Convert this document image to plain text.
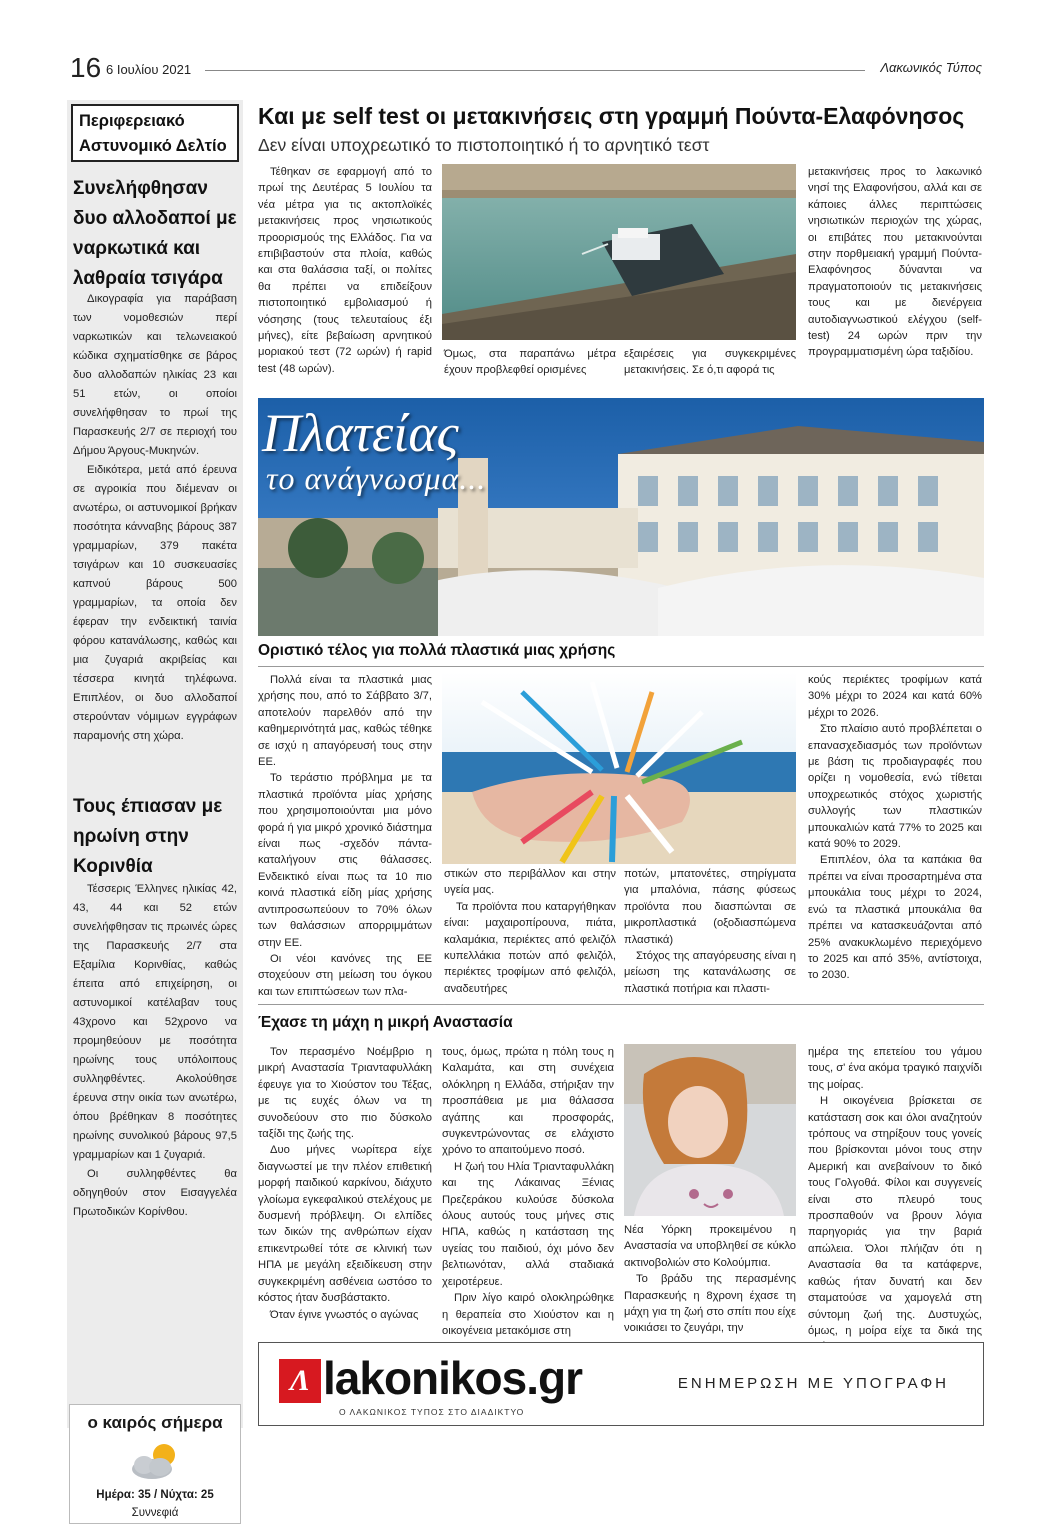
16 6 Ιουλίου 2021	Λακωνικός Τύπος
Περιφερειακό Αστυνομικό Δελτίο
Συνελήφθησαν δυο αλλοδαποί με ναρκωτικά και λαθραία τσιγάρα

Δικογραφία για παράβαση των νομοθεσιών περί ναρκωτικών και τελωνειακού κώδικα σχηματίσθηκε σε βάρος δυο αλλοδαπών ηλικίας 23 και 51 ετών, οι οποίοι συνελήφθησαν το πρωί της Παρασκευής 2/7 σε περιοχή του Δήμου Άργους-Μυκηνών.

Ειδικότερα, μετά από έρευνα σε αγροικία που διέμεναν οι ανωτέρω, οι αστυνομικοί βρήκαν ποσότητα κάνναβης βάρους 387 γραμμαρίων, 379 πακέτα τσιγάρων και 10 συσκευασίες καπνού βάρους 500 γραμμαρίων, τα οποία δεν έφεραν την ενδεικτική ταινία φόρου κατανάλωσης, καθώς και μια ζυγαριά ακριβείας και τέσσερα κινητά τηλέφωνα. Επιπλέον, οι δυο αλλοδαποί στερούνταν νόμιμων εγγράφων παραμονής στη χώρα.

Τους έπιασαν με ηρωίνη στην Κορινθία

Τέσσερις Έλληνες ηλικίας 42, 43, 44 και 52 ετών συνελήφθησαν τις πρωινές ώρες της Παρασκευής 2/7 στα Εξαμίλια Κορινθίας, καθώς έπειτα από επιχείρηση, οι αστυνομικοί κατέλαβαν τους 43χρονο και 52χρονο να προμηθεύουν με ποσότητα ηρωίνης τους υπόλοιπους συλληφθέντες. Ακολούθησε έρευνα στην οικία των ανωτέρω, όπου βρέθηκαν 8 ποσότητες ηρωίνης συνολικού βάρους 97,5 γραμμαρίων και 1 ζυγαριά.

Οι συλληφθέντες θα οδηγηθούν στον Εισαγγελέα Πρωτοδικών Κορίνθου.

ο καιρός σήμερα
Ημέρα: 35 / Νύχτα: 25
Συννεφιά
Και με self test οι μετακινήσεις στη γραμμή Πούντα-Ελαφόνησος
Δεν είναι υποχρεωτικό το πιστοποιητικό ή το αρνητικό τεστ

Τέθηκαν σε εφαρμογή από το πρωί της Δευτέρας 5 Ιουλίου τα νέα μέτρα για τις ακτοπλοϊκές μετακινήσεις προς νησιωτικούς προορισμούς της Ελλάδος. Για να επιβιβαστούν στα πλοία, καθώς και στα θαλάσσια ταξί, οι πολίτες θα πρέπει να επιδείξουν πιστοποιητικό εμβολιασμού ή νόσησης (τους τελευταίους έξι μήνες), είτε βεβαίωση αρνητικού μοριακού τεστ (72 ωρών) ή rapid test (48 ωρών).

Όμως, στα παραπάνω μέτρα έχουν προβλεφθεί ορισμένες
εξαιρέσεις για συγκεκριμένες μετακινήσεις. Σε ό,τι αφορά τις

μετακινήσεις προς το λακωνικό νησί της Ελαφονήσου, αλλά και σε κάποιες άλλες περιπτώσεις νησιωτικών περιοχών της χώρας, οι επιβάτες που μετακινούνται στην πορθμειακή γραμμή Πούντα-Ελαφόνησος δύνανται να πραγματοποιούν τις μετακινήσεις τους και με διενέργεια αυτοδιαγνωστικού ελέγχου (self-test) 24 ωρών πριν την προγραμματισμένη ώρα ταξιδίου.

Πλατείας
το ανάγνωσμα...
Οριστικό τέλος για πολλά πλαστικά μιας χρήσης

Πολλά είναι τα πλαστικά μιας χρήσης που, από το Σάββατο 3/7, αποτελούν παρελθόν από την καθημερινότητά μας, καθώς τέθηκε σε ισχύ η απαγόρευσή τους στην ΕΕ.

Το τεράστιο πρόβλημα με τα πλαστικά προϊόντα μίας χρήσης που χρησιμοποιούνται μια μόνο φορά ή για μικρό χρονικό διάστημα είναι πως -σχεδόν πάντα- καταλήγουν στις θάλασσες. Ενδεικτικό είναι πως τα 10 πιο κοινά πλαστικά είδη μίας χρήσης αντιπροσωπεύουν το 70% όλων των θαλάσσιων απορριμμάτων στην ΕΕ.

Οι νέοι κανόνες της ΕΕ στοχεύουν στη μείωση του όγκου και των επιπτώσεων των πλα-

στικών στο περιβάλλον και στην υγεία μας.

Τα προϊόντα που καταργήθηκαν είναι: μαχαιροπίρουνα, πιάτα, καλαμάκια, περιέκτες από φελιζόλ κυπελλάκια ποτών από φελιζόλ, περιέκτες τροφίμων από φελιζόλ, αναδευτήρες

ποτών, μπατονέτες, στηρίγματα για μπαλόνια, πάσης φύσεως προϊόντα που διασπώνται σε μικροπλαστικά (οξοδιασπώμενα πλαστικά)

Στόχος της απαγόρευσης είναι η μείωση της κατανάλωσης σε πλαστικά ποτήρια και πλαστι-

κούς περιέκτες τροφίμων κατά 30% μέχρι το 2024 και κατά 60% μέχρι το 2026.

Στο πλαίσιο αυτό προβλέπεται ο επανασχεδιασμός των προϊόντων με βάση τις προδιαγραφές που ορίζει η νομοθεσία, ενώ τίθεται υποχρεωτικός στόχος χωριστής συλλογής των πλαστικών μπουκαλιών κατά 77% το 2025 και κατά 90% το 2029.

Επιπλέον, όλα τα καπάκια θα πρέπει να είναι προσαρτημένα στα μπουκάλια τους μέχρι το 2024, ενώ τα πλαστικά μπουκάλια θα πρέπει να κατασκευάζονται από 25% ανακυκλωμένο περιεχόμενο το 2025 και από 35%, αντίστοιχα, το 2030.

Έχασε τη μάχη η μικρή Αναστασία

Τον περασμένο Νοέμβριο η μικρή Αναστασία Τριανταφυλλάκη έφευγε για το Χιούστον του Τέξας, με τις ευχές όλων να τη συνοδεύουν στο πιο δύσκολο ταξίδι της ζωής της.

Δυο μήνες νωρίτερα είχε διαγνωστεί με την πλέον επιθετική μορφή παιδικού καρκίνου, διάχυτο γλοίωμα εγκεφαλικού στελέχους με δυσμενή πρόβλεψη. Οι ελπίδες των δικών της ανθρώπων είχαν επικεντρωθεί τότε σε κλινική των ΗΠΑ με μεγάλη εξειδίκευση στην συγκεκριμένη ασθένεια ωστόσο το κόστος ήταν δυσβάστακτο.

Όταν έγινε γνωστός ο αγώνας

τους, όμως, πρώτα η πόλη τους η Καλαμάτα, και στη συνέχεια ολόκληρη η Ελλάδα, στήριξαν την προσπάθεια με μια θάλασσα αγάπης και προσφοράς, συγκεντρώνοντας σε ελάχιστο χρόνο το απαιτούμενο ποσό.

Η ζωή του Ηλία Τριανταφυλλάκη και της Λάκαινας Ξένιας Πρεζεράκου κυλούσε δύσκολα όλους αυτούς τους μήνες στις ΗΠΑ, καθώς η κατάσταση της υγείας του παιδιού, όχι μόνο δεν βελτιωνόταν, αλλά σταδιακά χειροτέρευε.

Πριν λίγο καιρό ολοκληρώθηκε η θεραπεία στο Χιούστον και η οικογένεια μετακόμισε στη

Νέα Υόρκη προκειμένου η Αναστασία να υποβληθεί σε κύκλο ακτινοβολιών στο Κολούμπια.

Το βράδυ της περασμένης Παρασκευής η 8χρονη έχασε τη μάχη για τη ζωή στο σπίτι που είχε νοικιάσει το ζευγάρι, την

ημέρα της επετείου του γάμου τους, σ' ένα ακόμα τραγικό παιχνίδι της μοίρας.

Η οικογένεια βρίσκεται σε κατάσταση σοκ και όλοι αναζητούν τρόπους να στηρίξουν τους γονείς που βρίσκονται μόνοι τους στην Αμερική και ανεβαίνουν το δικό τους Γολγοθά. Φίλοι και συγγενείς είναι στο πλευρό τους προσπαθούν να βρουν λόγια παρηγοριάς για την βαριά απώλεια. Όλοι πλήιζαν ότι η Αναστασία θα τα κατάφερνε, καθώς ήταν δυνατή και δεν σταματούσε να χαμογελά στη σύντομη ζωή της. Δυστυχώς, όμως, η μοίρα είχε τα δικά της

Λ lakonikos.gr
Ο ΛΑΚΩΝΙΚΟΣ ΤΥΠΟΣ ΣΤΟ ΔΙΑΔΙΚΤΥΟ
ΕΝΗΜΕΡΩΣΗ ΜΕ ΥΠΟΓΡΑΦΗ
